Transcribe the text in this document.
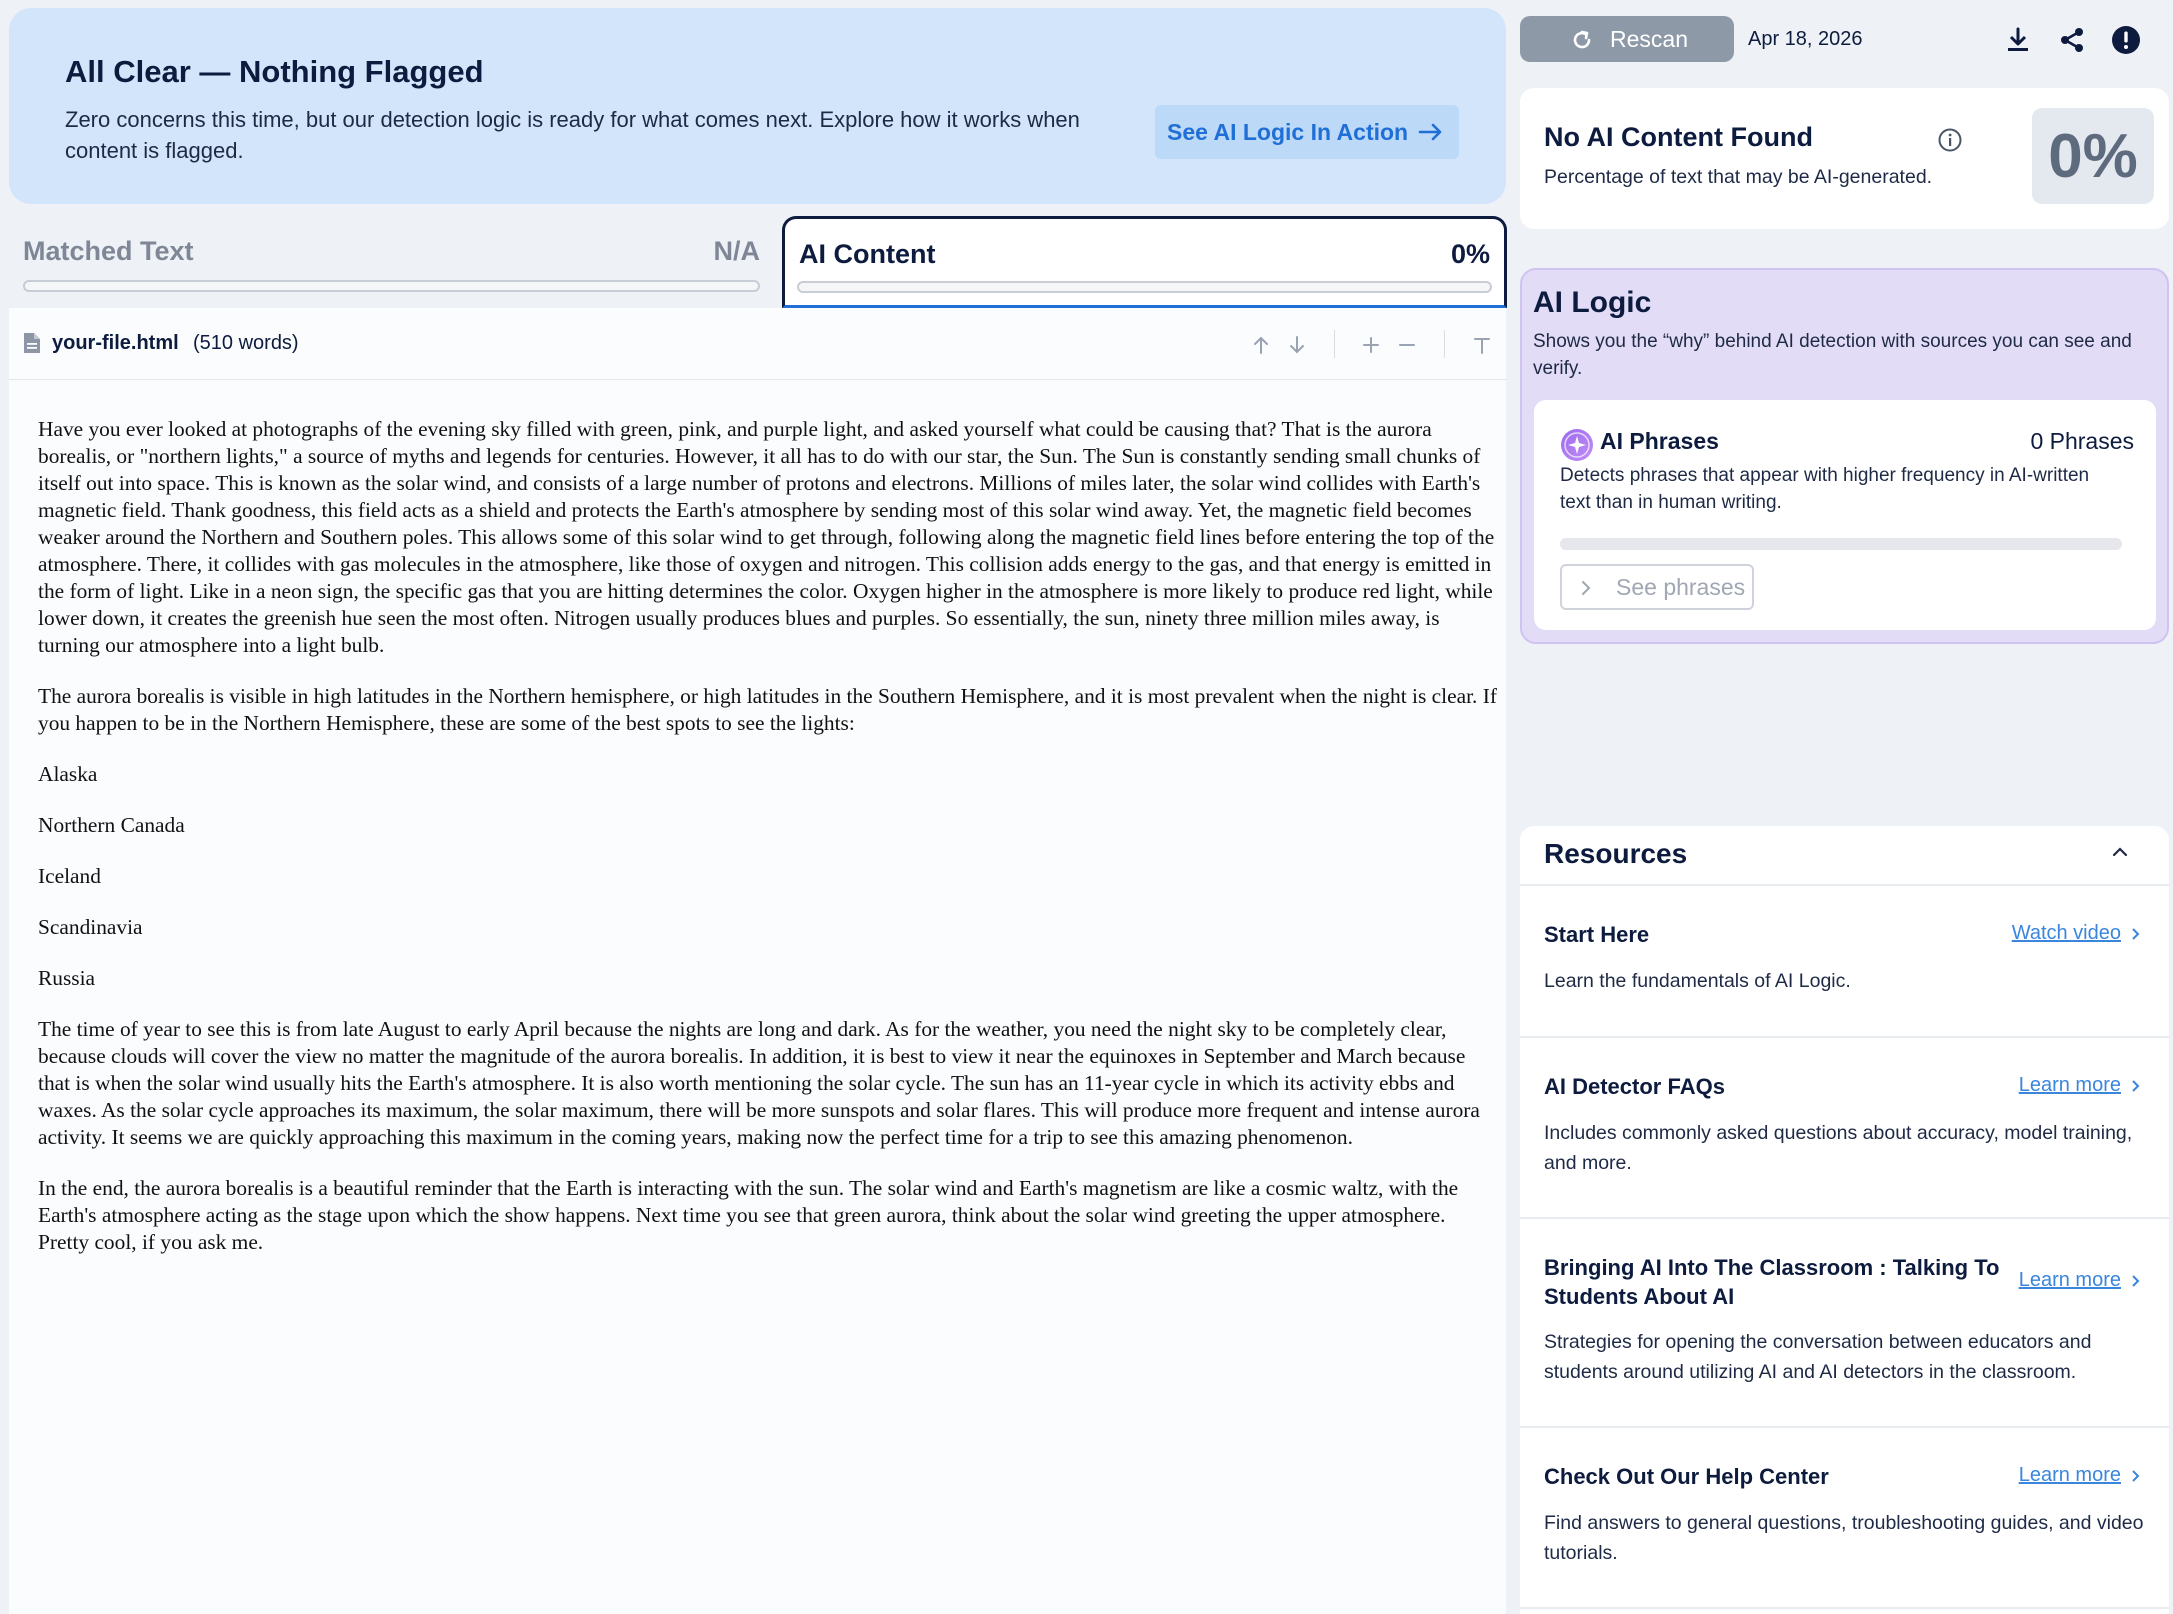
All Clear — Nothing Flagged

Zero concerns this time, but our detection logic is ready for what comes next. Explore how it works when content is flagged.

See AI Logic In Action
Matched Text	N/A AI Content	0%
your-file.html (510 words)

Have you ever looked at photographs of the evening sky filled with green, pink, and purple light, and asked yourself what could be causing that? That is the aurora borealis, or "northern lights," a source of myths and legends for centuries. However, it all has to do with our star, the Sun. The Sun is constantly sending small chunks of itself out into space. This is known as the solar wind, and consists of a large number of protons and electrons. Millions of miles later, the solar wind collides with Earth's magnetic field. Thank goodness, this field acts as a shield and protects the Earth's atmosphere by sending most of this solar wind away. Yet, the magnetic field becomes weaker around the Northern and Southern poles. This allows some of this solar wind to get through, following along the magnetic field lines before entering the top of the atmosphere. There, it collides with gas molecules in the atmosphere, like those of oxygen and nitrogen. This collision adds energy to the gas, and that energy is emitted in the form of light. Like in a neon sign, the specific gas that you are hitting determines the color. Oxygen higher in the atmosphere is more likely to produce red light, while lower down, it creates the greenish hue seen the most often. Nitrogen usually produces blues and purples. So essentially, the sun, ninety three million miles away, is turning our atmosphere into a light bulb.

The aurora borealis is visible in high latitudes in the Northern hemisphere, or high latitudes in the Southern Hemisphere, and it is most prevalent when the night is clear. If you happen to be in the Northern Hemisphere, these are some of the best spots to see the lights:

Alaska

Northern Canada

Iceland

Scandinavia

Russia

The time of year to see this is from late August to early April because the nights are long and dark. As for the weather, you need the night sky to be completely clear, because clouds will cover the view no matter the magnitude of the aurora borealis. In addition, it is best to view it near the equinoxes in September and March because that is when the solar wind usually hits the Earth's atmosphere. It is also worth mentioning the solar cycle. The sun has an 11-year cycle in which its activity ebbs and waxes. As the solar cycle approaches its maximum, the solar maximum, there will be more sunspots and solar flares. This will produce more frequent and intense aurora activity. It seems we are quickly approaching this maximum in the coming years, making now the perfect time for a trip to see this amazing phenomenon.

In the end, the aurora borealis is a beautiful reminder that the Earth is interacting with the sun. The solar wind and Earth's magnetism are like a cosmic waltz, with the Earth's atmosphere acting as the stage upon which the show happens. Next time you see that green aurora, think about the solar wind greeting the upper atmosphere. Pretty cool, if you ask me.

Rescan	Apr 18, 2026
No AI Content Found

Percentage of text that may be AI-generated. 0%
AI Logic

Shows you the “why” behind AI detection with sources you can see and verify.

AI Phrases	0 Phrases

Detects phrases that appear with higher frequency in AI-written text than in human writing.

See phrases
Resources
Start Here	Watch video

Learn the fundamentals of AI Logic.

AI Detector FAQs	Learn more

Includes commonly asked questions about accuracy, model training, and more.

Bringing AI Into The Classroom : Talking To Students About AI
Learn more

Strategies for opening the conversation between educators and students around utilizing AI and AI detectors in the classroom.

Check Out Our Help Center	Learn more

Find answers to general questions, troubleshooting guides, and video tutorials.
